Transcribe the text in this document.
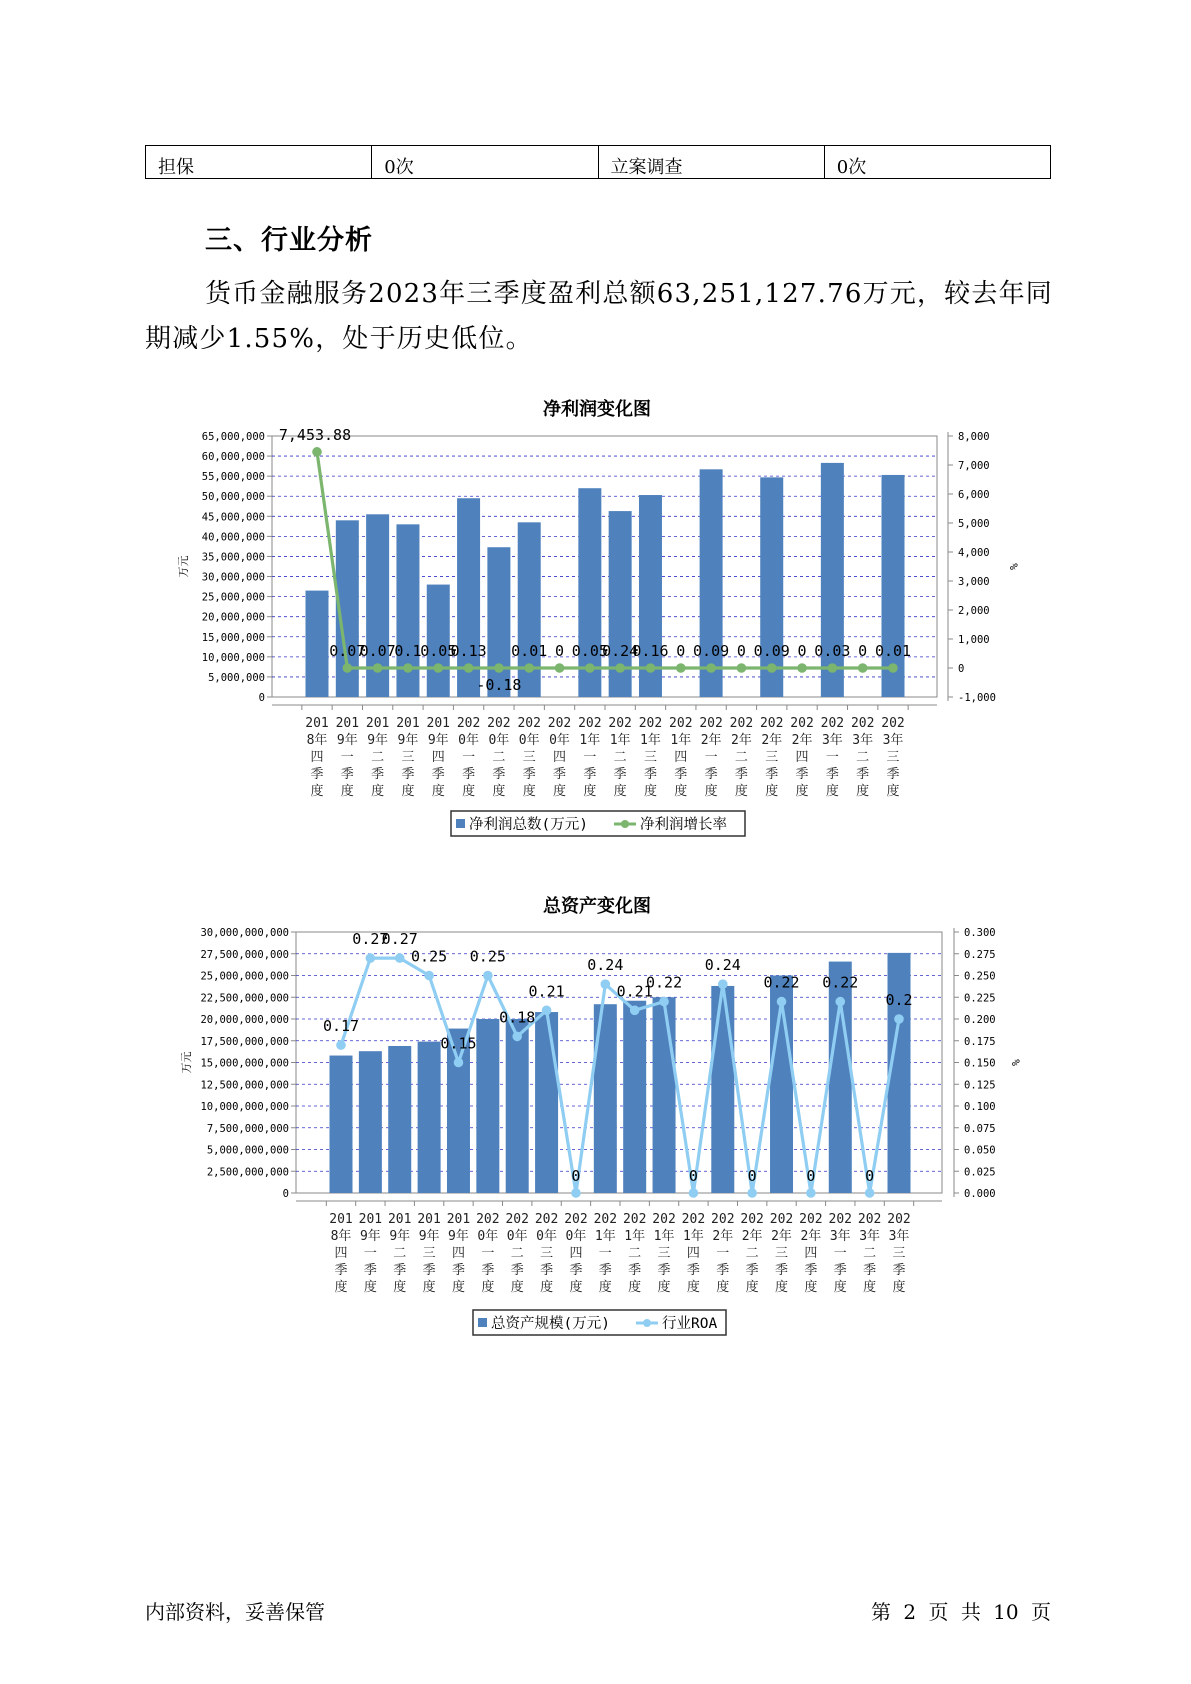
担保	0次	立案调查	0次
三、行业分析

货币金融服务2023年三季度盈利总额63,251,127.76万元，较去年同期减少1.55%，处于历史低位。

净利润变化图
0
5,000,000
10,000,000
15,000,000
20,000,000
25,000,000
30,000,000
35,000,000
40,000,000
45,000,000
50,000,000
55,000,000
60,000,000
65,000,000
-1,000
0
1,000
2,000
3,000
4,000
5,000
6,000
7,000
8,000
万元	%
201 8年四季度
201 9年一季度
201 9年二季度
201 9年三季度
201 9年四季度
202 0年一季度
202 0年二季度
202 0年三季度
202 0年四季度
202 1年一季度
202 1年二季度
202 1年三季度
202 1年四季度
202 2年一季度
202 2年二季度
202 2年三季度
202 2年四季度
202 3年一季度
202 3年二季度
202 3年三季度
7,453.88
0.07
0.07
0.1
0.05
0.13
-0.18
0.01 0 0.05
0.24
0.16 0 0.09 0 0.09 0 0.03 0 0.01
净利润总数(万元)	净利润增长率
总资产变化图
0
2,500,000,000
5,000,000,000
7,500,000,000
10,000,000,000
12,500,000,000
15,000,000,000
17,500,000,000
20,000,000,000
22,500,000,000
25,000,000,000
27,500,000,000
30,000,000,000
0.000
0.025
0.050
0.075
0.100
0.125
0.150
0.175
0.200
0.225
0.250
0.275
0.300
万元	%
201 8年四季度
201 9年一季度
201 9年二季度
201 9年三季度
201 9年四季度
202 0年一季度
202 0年二季度
202 0年三季度
202 0年四季度
202 1年一季度
202 1年二季度
202 1年三季度
202 1年四季度
202 2年一季度
202 2年二季度
202 2年三季度
202 2年四季度
202 3年一季度
202 3年二季度
202 3年三季度
0.17
0.27
0.27
0.25
0.15
0.25
0.18
0.21
0
0.24
0.21
0.22
0
0.24
0
0.22
0
0.22
0
0.2
总资产规模(万元)	行业ROA

内部资料，妥善保管	第 2 页 共 10 页
